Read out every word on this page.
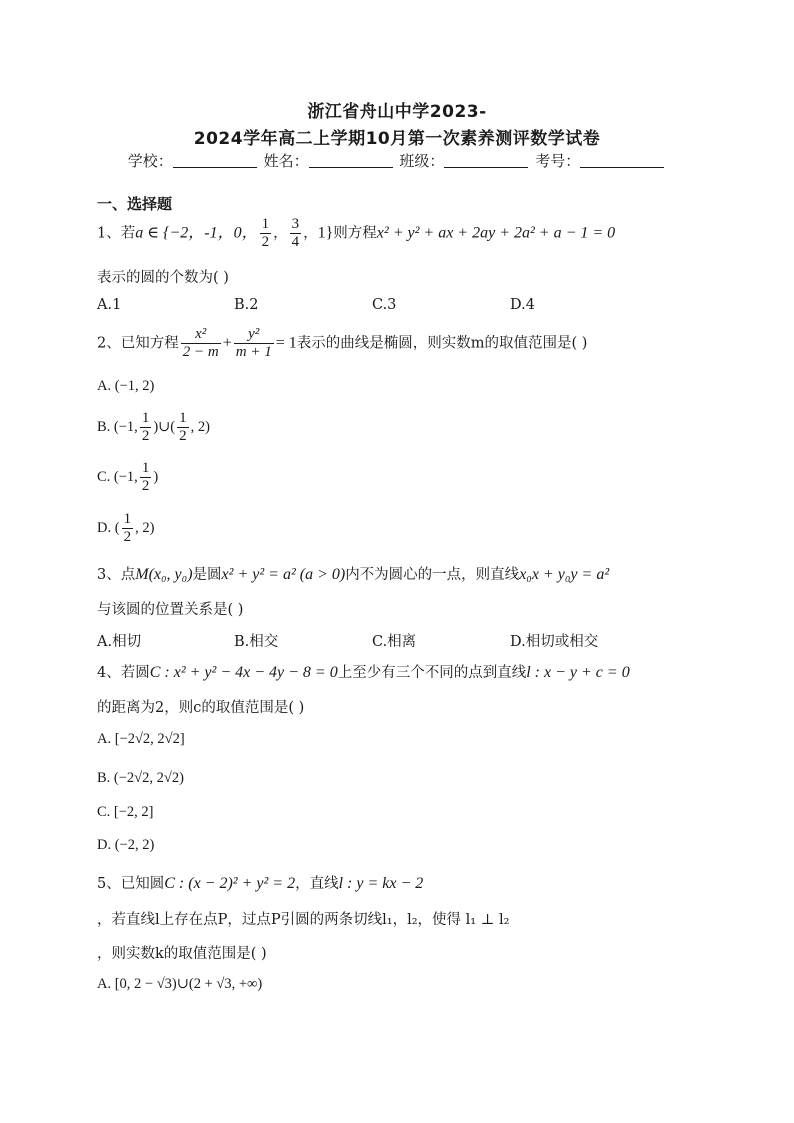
浙江省舟山中学2023-
2024学年高二上学期10月第一次素养测评数学试卷
学校：	姓名：	班级：	考号：
一、选择题
1、若a ∈ {−2，-1，0， $\frac{1}{2}$ ， $\frac{3}{4}$ ，1}则方程x² + y² + ax + 2ay + 2a² + a − 1 = 0
表示的圆的个数为( )
A.1	B.2	C.3	D.4
2、已知方程 $\frac{\text{x²}}{2 - m} + \frac{\text{y²}}{m + 1} = 1$表示的曲线是椭圆，则实数m的取值范围是( )
A. (−1, 2)
B. (−1, $\frac{1}{2}$ )∪( $\frac{1}{2}$ , 2)
C. (−1, $\frac{1}{2}$ )
D. ( $\frac{1}{2}$ , 2)
3、点M(x₀, y₀)是圆x² + y² = a² (a > 0)内不为圆心的一点，则直线x₀x + y₀y = a²
与该圆的位置关系是( )
A.相切	B.相交	C.相离	D.相切或相交
4、若圆C : x² + y² − 4x − 4y − 8 = 0上至少有三个不同的点到直线l : x − y + c = 0
的距离为2，则c的取值范围是( )
A. [−2√2, 2√2]
B. (−2√2, 2√2)
C. [−2, 2]
D. (−2, 2)
5、已知圆C : (x − 2)² + y² = 2，直线l : y = kx − 2
，若直线l上存在点P，过点P引圆的两条切线l₁，l₂，使得 l₁ ⊥ l₂
，则实数k的取值范围是( )
A. [0, 2 − √3)∪(2 + √3, +∞)
